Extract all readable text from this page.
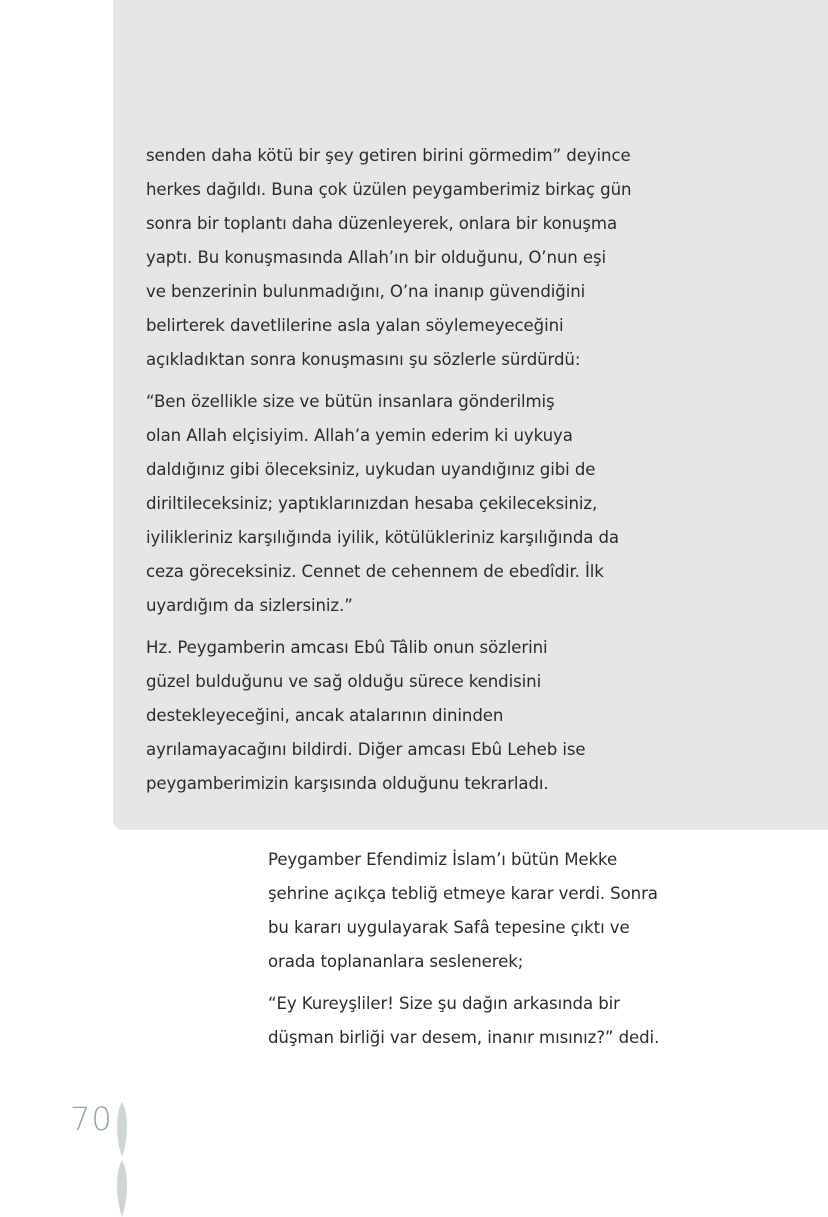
senden daha kötü bir şey getiren birini görmedim” deyince
herkes dağıldı. Buna çok üzülen peygamberimiz birkaç gün
sonra bir toplantı daha düzenleyerek, onlara bir konuşma
yaptı. Bu konuşmasında Allah’ın bir olduğunu, O’nun eşi
ve benzerinin bulunmadığını, O’na inanıp güvendiğini
belirterek davetlilerine asla yalan söylemeyeceğini
açıkladıktan sonra konuşmasını şu sözlerle sürdürdü:

“Ben özellikle size ve bütün insanlara gönderilmiş
olan Allah elçisiyim. Allah’a yemin ederim ki uykuya
daldığınız gibi öleceksiniz, uykudan uyandığınız gibi de
diriltileceksiniz; yaptıklarınızdan hesaba çekileceksiniz,
iyilikleriniz karşılığında iyilik, kötülükleriniz karşılığında da
ceza göreceksiniz. Cennet de cehennem de ebedîdir. İlk
uyardığım da sizlersiniz.”

Hz. Peygamberin amcası Ebû Tâlib onun sözlerini
güzel bulduğunu ve sağ olduğu sürece kendisini
destekleyeceğini, ancak atalarının dininden
ayrılamayacağını bildirdi. Diğer amcası Ebû Leheb ise
peygamberimizin karşısında olduğunu tekrarladı.

Peygamber Efendimiz İslam’ı bütün Mekke
şehrine açıkça tebliğ etmeye karar verdi. Sonra
bu kararı uygulayarak Safâ tepesine çıktı ve
orada toplananlara seslenerek;

“Ey Kureyşliler! Size şu dağın arkasında bir
düşman birliği var desem, inanır mısınız?” dedi.

70
